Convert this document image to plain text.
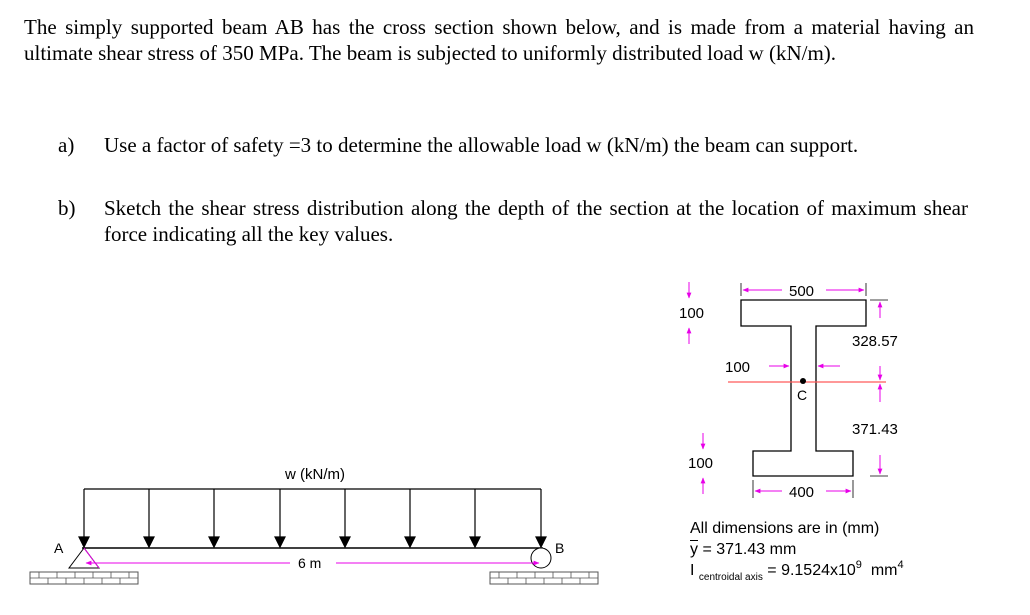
The simply supported beam AB has the cross section shown below, and is made from a material having an ultimate shear stress of 350 MPa. The beam is subjected to uniformly distributed load w (kN/m).
a) Use a factor of safety =3 to determine the allowable load w (kN/m) the beam can support.
b) Sketch the shear stress distribution along the depth of the section at the location of maximum shear force indicating all the key values.
w (kN/m)
A	B
6 m
C
500
100
100
328.57
371.43
100
400
All dimensions are in (mm)
$\overline{y} = 371.43$ mm
I $_{centroidal axis} = 9.1524x10^9$ $mm^4$
